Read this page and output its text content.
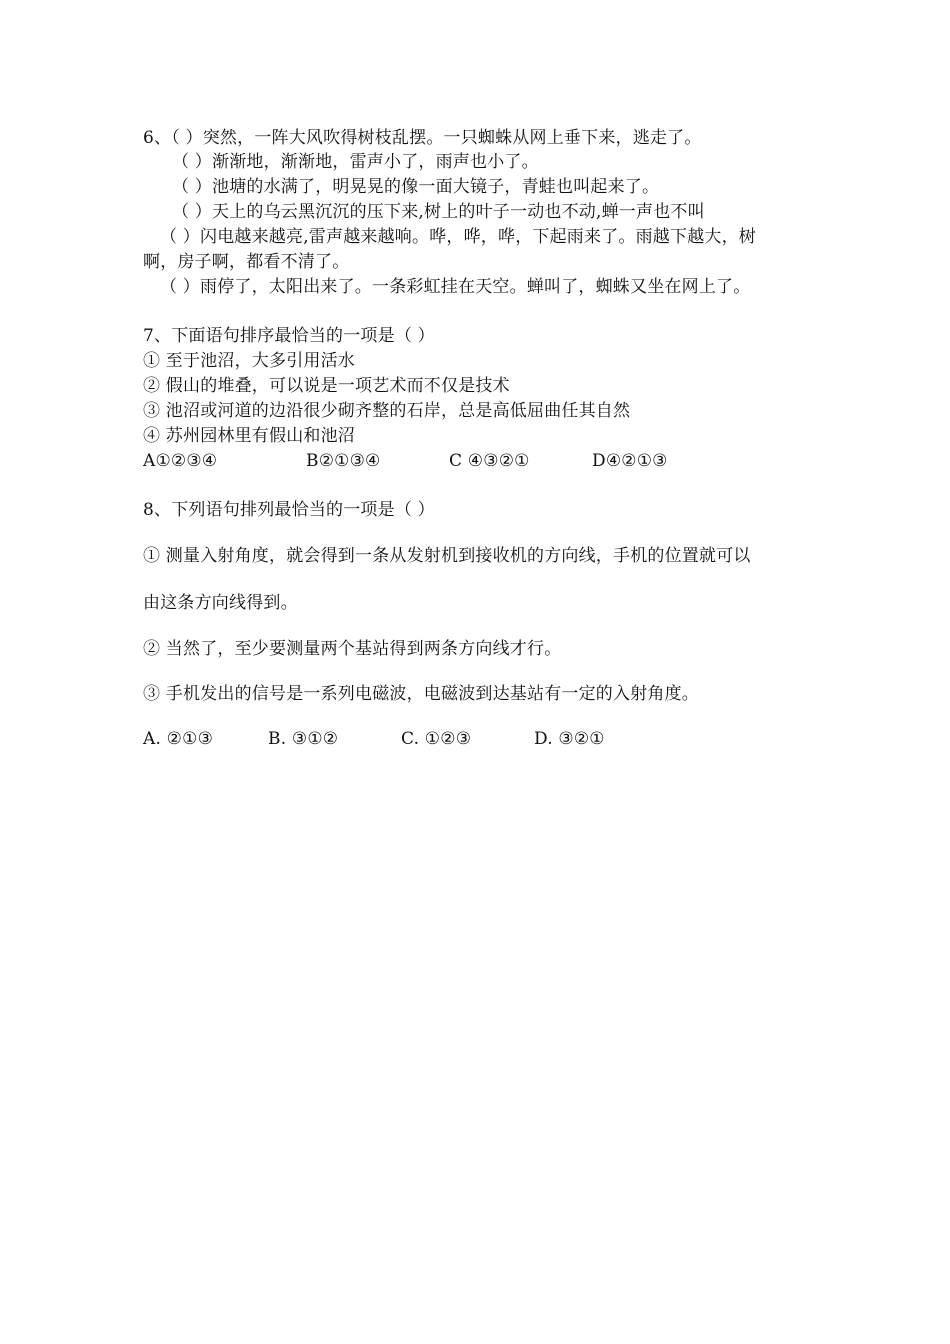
6、（ ）突然，一阵大风吹得树枝乱摆。一只蜘蛛从网上垂下来，逃走了。
（ ）渐渐地，渐渐地，雷声小了，雨声也小了。
（ ）池塘的水满了，明晃晃的像一面大镜子，青蛙也叫起来了。
（ ）天上的乌云黑沉沉的压下来,树上的叶子一动也不动,蝉一声也不叫
（ ）闪电越来越亮,雷声越来越响。哗，哗，哗，下起雨来了。雨越下越大，树
啊，房子啊，都看不清了。
（ ）雨停了，太阳出来了。一条彩虹挂在天空。蝉叫了，蜘蛛又坐在网上了。
7、下面语句排序最恰当的一项是（ ）
① 至于池沼，大多引用活水
② 假山的堆叠，可以说是一项艺术而不仅是技术
③ 池沼或河道的边沿很少砌齐整的石岸，总是高低屈曲任其自然
④ 苏州园林里有假山和池沼
A①②③④	B②①③④	C ④③②①	D④②①③
8、下列语句排列最恰当的一项是（ ）
① 测量入射角度，就会得到一条从发射机到接收机的方向线，手机的位置就可以
由这条方向线得到。
② 当然了，至少要测量两个基站得到两条方向线才行。
③ 手机发出的信号是一系列电磁波，电磁波到达基站有一定的入射角度。
A. ②①③	B. ③①②	C. ①②③	D. ③②①
